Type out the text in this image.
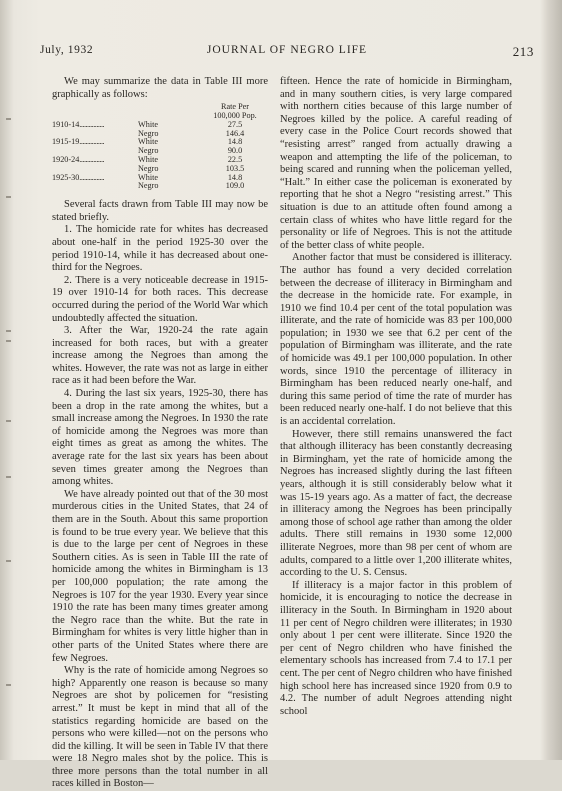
July, 1932	JOURNAL OF NEGRO LIFE	213

We may summarize the data in Table III more graphically as follows:

		Rate Per
		100,000 Pop.
1910-14................	White	27.5
	Negro	146.4
1915-19................	White	14.8
	Negro	90.0
1920-24................	White	22.5
	Negro	103.5
1925-30................	White	14.8
	Negro	109.0

Several facts drawn from Table III may now be stated briefly.

1. The homicide rate for whites has decreased about one-half in the period 1925-30 over the period 1910-14, while it has decreased about one-third for the Negroes.

2. There is a very noticeable decrease in 1915-19 over 1910-14 for both races. This decrease occurred during the period of the World War which undoubtedly affected the situation.

3. After the War, 1920-24 the rate again increased for both races, but with a greater increase among the Negroes than among the whites. However, the rate was not as large in either race as it had been before the War.

4. During the last six years, 1925-30, there has been a drop in the rate among the whites, but a small increase among the Negroes. In 1930 the rate of homicide among the Negroes was more than eight times as great as among the whites. The average rate for the last six years has been about seven times greater among the Negroes than among whites.

We have already pointed out that of the 30 most murderous cities in the United States, that 24 of them are in the South. About this same proportion is found to be true every year. We believe that this is due to the large per cent of Negroes in these Southern cities. As is seen in Table III the rate of homicide among the whites in Birmingham is 13 per 100,000 population; the rate among the Negroes is 107 for the year 1930. Every year since 1910 the rate has been many times greater among the Negro race than the white. But the rate in Birmingham for whites is very little higher than in other parts of the United States where there are few Negroes.

Why is the rate of homicide among Negroes so high? Apparently one reason is because so many Negroes are shot by policemen for “resisting arrest.” It must be kept in mind that all of the statistics regarding homicide are based on the persons who were killed—not on the persons who did the killing. It will be seen in Table IV that there were 18 Negro males shot by the police. This is three more persons than the total number in all races killed in Boston—

fifteen. Hence the rate of homicide in Birmingham, and in many southern cities, is very large compared with northern cities because of this large number of Negroes killed by the police. A careful reading of every case in the Police Court records showed that “resisting arrest” ranged from actually drawing a weapon and attempting the life of the policeman, to being scared and running when the policeman yelled, “Halt.” In either case the policeman is exonerated by reporting that he shot a Negro “resisting arrest.” This situation is due to an attitude often found among a certain class of whites who have little regard for the personality or life of Negroes. This is not the attitude of the better class of white people.

Another factor that must be considered is illiteracy. The author has found a very decided correlation between the decrease of illiteracy in Birmingham and the decrease in the homicide rate. For example, in 1910 we find 10.4 per cent of the total population was illiterate, and the rate of homicide was 83 per 100,000 population; in 1930 we see that 6.2 per cent of the population of Birmingham was illiterate, and the rate of homicide was 49.1 per 100,000 population. In other words, since 1910 the percentage of illiteracy in Birmingham has been reduced nearly one-half, and during this same period of time the rate of murder has been reduced nearly one-half. I do not believe that this is an accidental correlation.

However, there still remains unanswered the fact that although illiteracy has been constantly decreasing in Birmingham, yet the rate of homicide among the Negroes has increased slightly during the last fifteen years, although it is still considerably below what it was 15-19 years ago. As a matter of fact, the decrease in illiteracy among the Negroes has been principally among those of school age rather than among the older adults. There still remains in 1930 some 12,000 illiterate Negroes, more than 98 per cent of whom are adults, compared to a little over 1,200 illiterate whites, according to the U. S. Census.

If illiteracy is a major factor in this problem of homicide, it is encouraging to notice the decrease in illiteracy in the South. In Birmingham in 1920 about 11 per cent of Negro children were illiterates; in 1930 only about 1 per cent were illiterate. Since 1920 the per cent of Negro children who have finished the elementary schools has increased from 7.4 to 17.1 per cent. The per cent of Negro children who have finished high school here has increased since 1920 from 0.9 to 4.2. The number of adult Negroes attending night school
